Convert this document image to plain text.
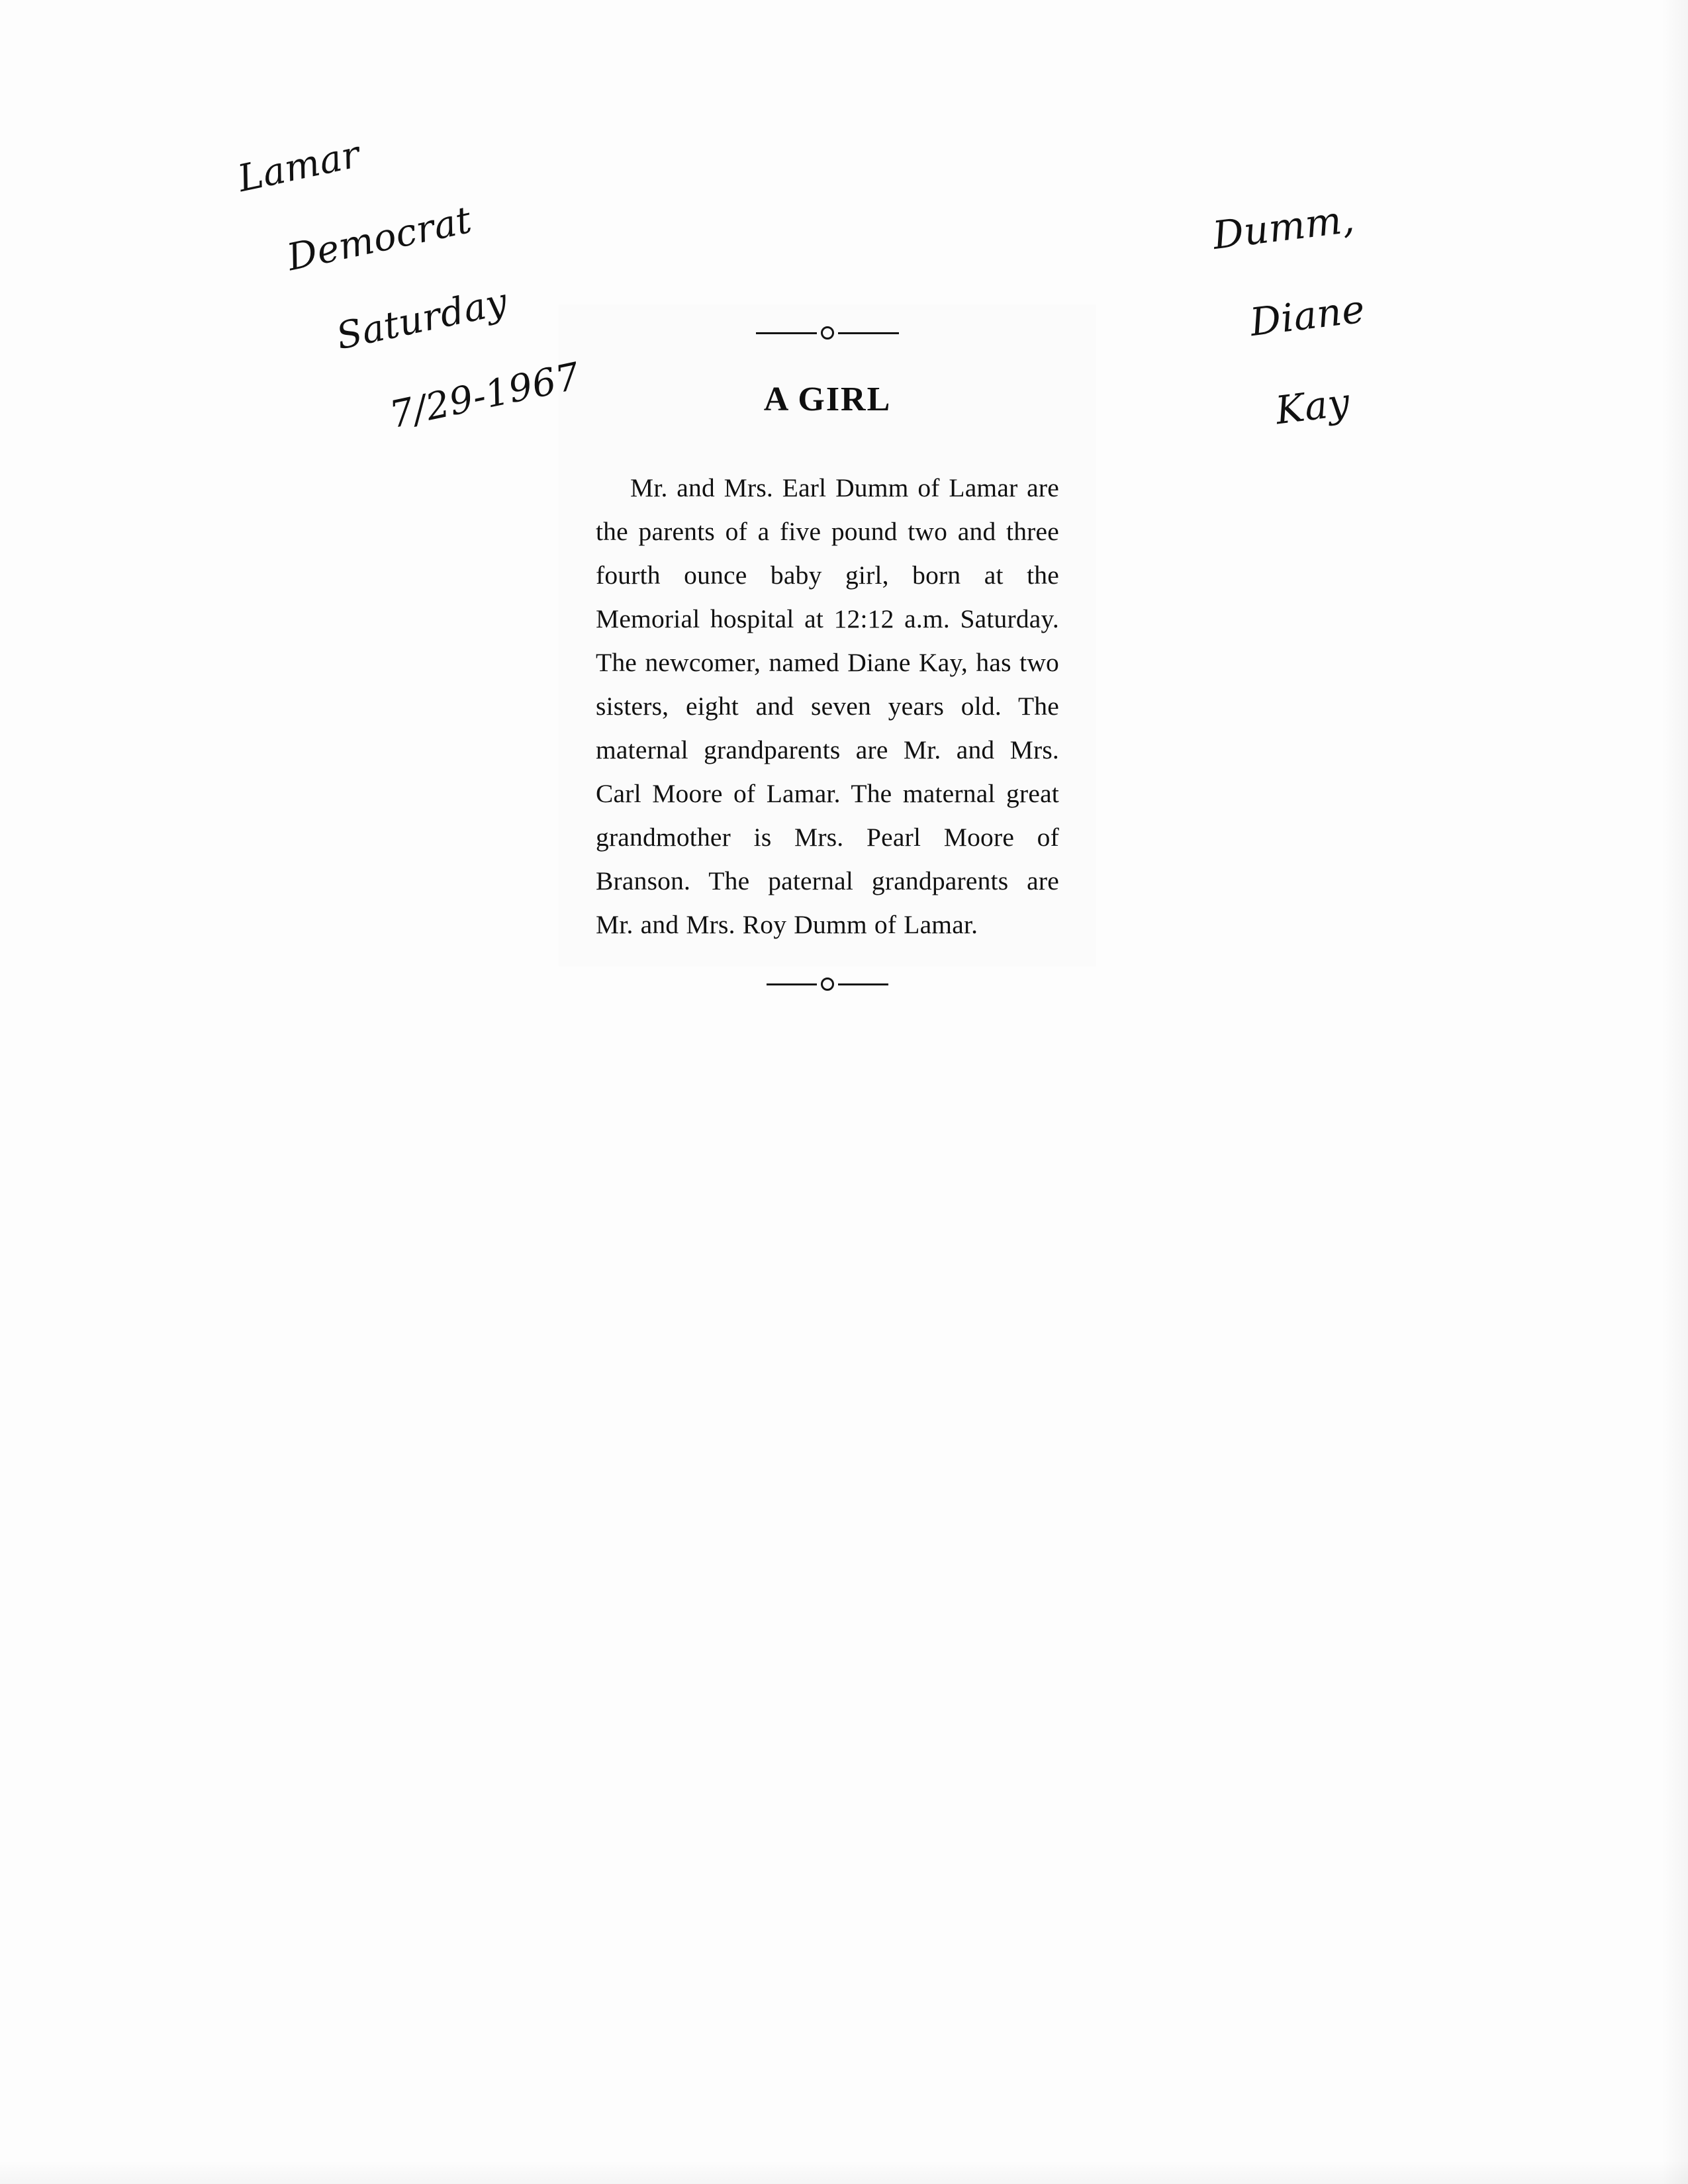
Lamar

Democrat

Saturday

7/29-1967

Dumm,

Diane

Kay

A GIRL

Mr. and Mrs. Earl Dumm of Lamar are the parents of a five pound two and three fourth ounce baby girl, born at the Memorial hospital at 12:12 a.m. Saturday. The newcomer, named Diane Kay, has two sisters, eight and seven years old. The maternal grandparents are Mr. and Mrs. Carl Moore of Lamar. The maternal great grandmother is Mrs. Pearl Moore of Branson. The paternal grandparents are Mr. and Mrs. Roy Dumm of Lamar.
